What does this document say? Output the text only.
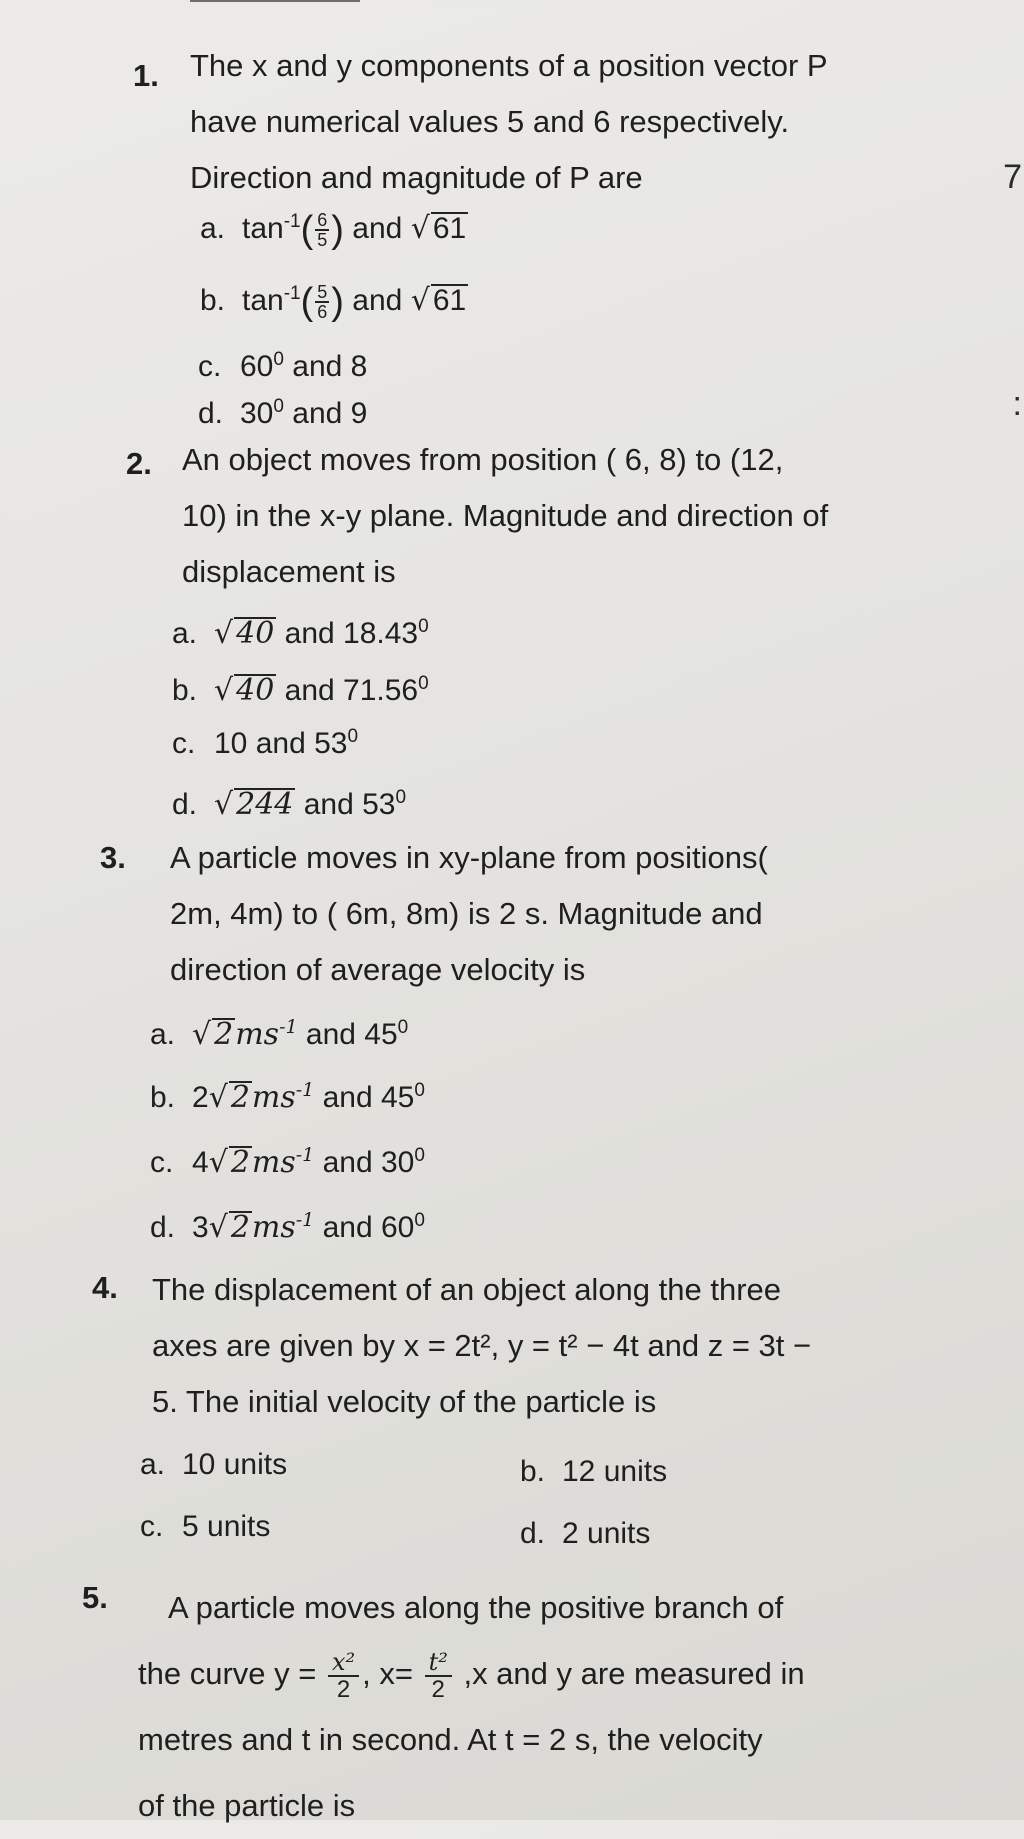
7
:
1. The x and y components of a position vector P
have numerical values 5 and 6 respectively.
Direction and magnitude of P are
a. $\tan^{-1}( \frac{6}{5}$ ) and √ 61
b. $\tan^{-1}( \frac{5}{6}$ ) and √ 61
c. $60^0$ and 8
d. $30^0$ and 9
2. An object moves from position ( 6, 8) to (12,
10) in the x-y plane. Magnitude and direction of
displacement is
a. √ 40 and 18.43$^0$
b. √ 40 and 71.56$^0$
c. 10 and $53^0$
d. √ 244 and $53^0$
3. A particle moves in xy-plane from positions(
2m, 4m) to ( 6m, 8m) is 2 s. Magnitude and
direction of average velocity is
a. √ $2ms^{-1}$ and $45^0$
b. 2√ $2ms^{-1}$ and $45^0$
c. 4√ $2ms^{-1}$ and $30^0$
d. 3√ $2ms^{-1}$ and $60^0$
4. The displacement of an object along the three
axes are given by x = 2t², y = t² − 4t and z = 3t −
5. The initial velocity of the particle is
a. 10 units	b. 12 units
c. 5 units	d. 2 units
5. A particle moves along the positive branch of
the curve $y = \frac{\text{x²}}{2}$ , $x= \frac{\text{t²}}{2} ,x$ and y are measured in
metres and t in second. At t = 2 s, the velocity
of the particle is
